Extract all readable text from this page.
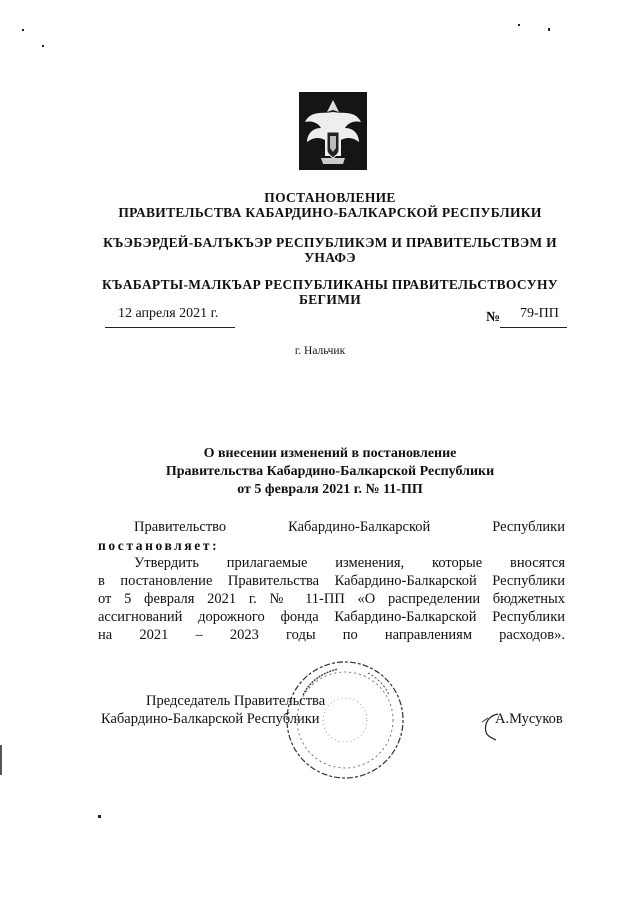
ПОСТАНОВЛЕНИЕ
ПРАВИТЕЛЬСТВА КАБАРДИНО-БАЛКАРСКОЙ РЕСПУБЛИКИ
КЪЭБЭРДЕЙ-БАЛЪКЪЭР РЕСПУБЛИКЭМ И ПРАВИТЕЛЬСТВЭМ И
УНАФЭ
КЪАБАРТЫ-МАЛКЪАР РЕСПУБЛИКАНЫ ПРАВИТЕЛЬСТВОСУНУ
БЕГИМИ
12 апреля 2021 г.	№ 79-ПП
г. Нальчик
О внесении изменений в постановление
Правительства Кабардино-Балкарской Республики
от 5 февраля 2021 г. № 11-ПП
Правительство Кабардино-Балкарской Республики
постановляет:
Утвердить прилагаемые изменения, которые вносятся
в постановление Правительства Кабардино-Балкарской Республики
от 5 февраля 2021 г. № 11-ПП «О распределении бюджетных
ассигнований дорожного фонда Кабардино-Балкарской Республики
на 2021 – 2023 годы по направлениям расходов».
Председатель Правительства
Кабардино-Балкарской Республики	А.Мусуков
